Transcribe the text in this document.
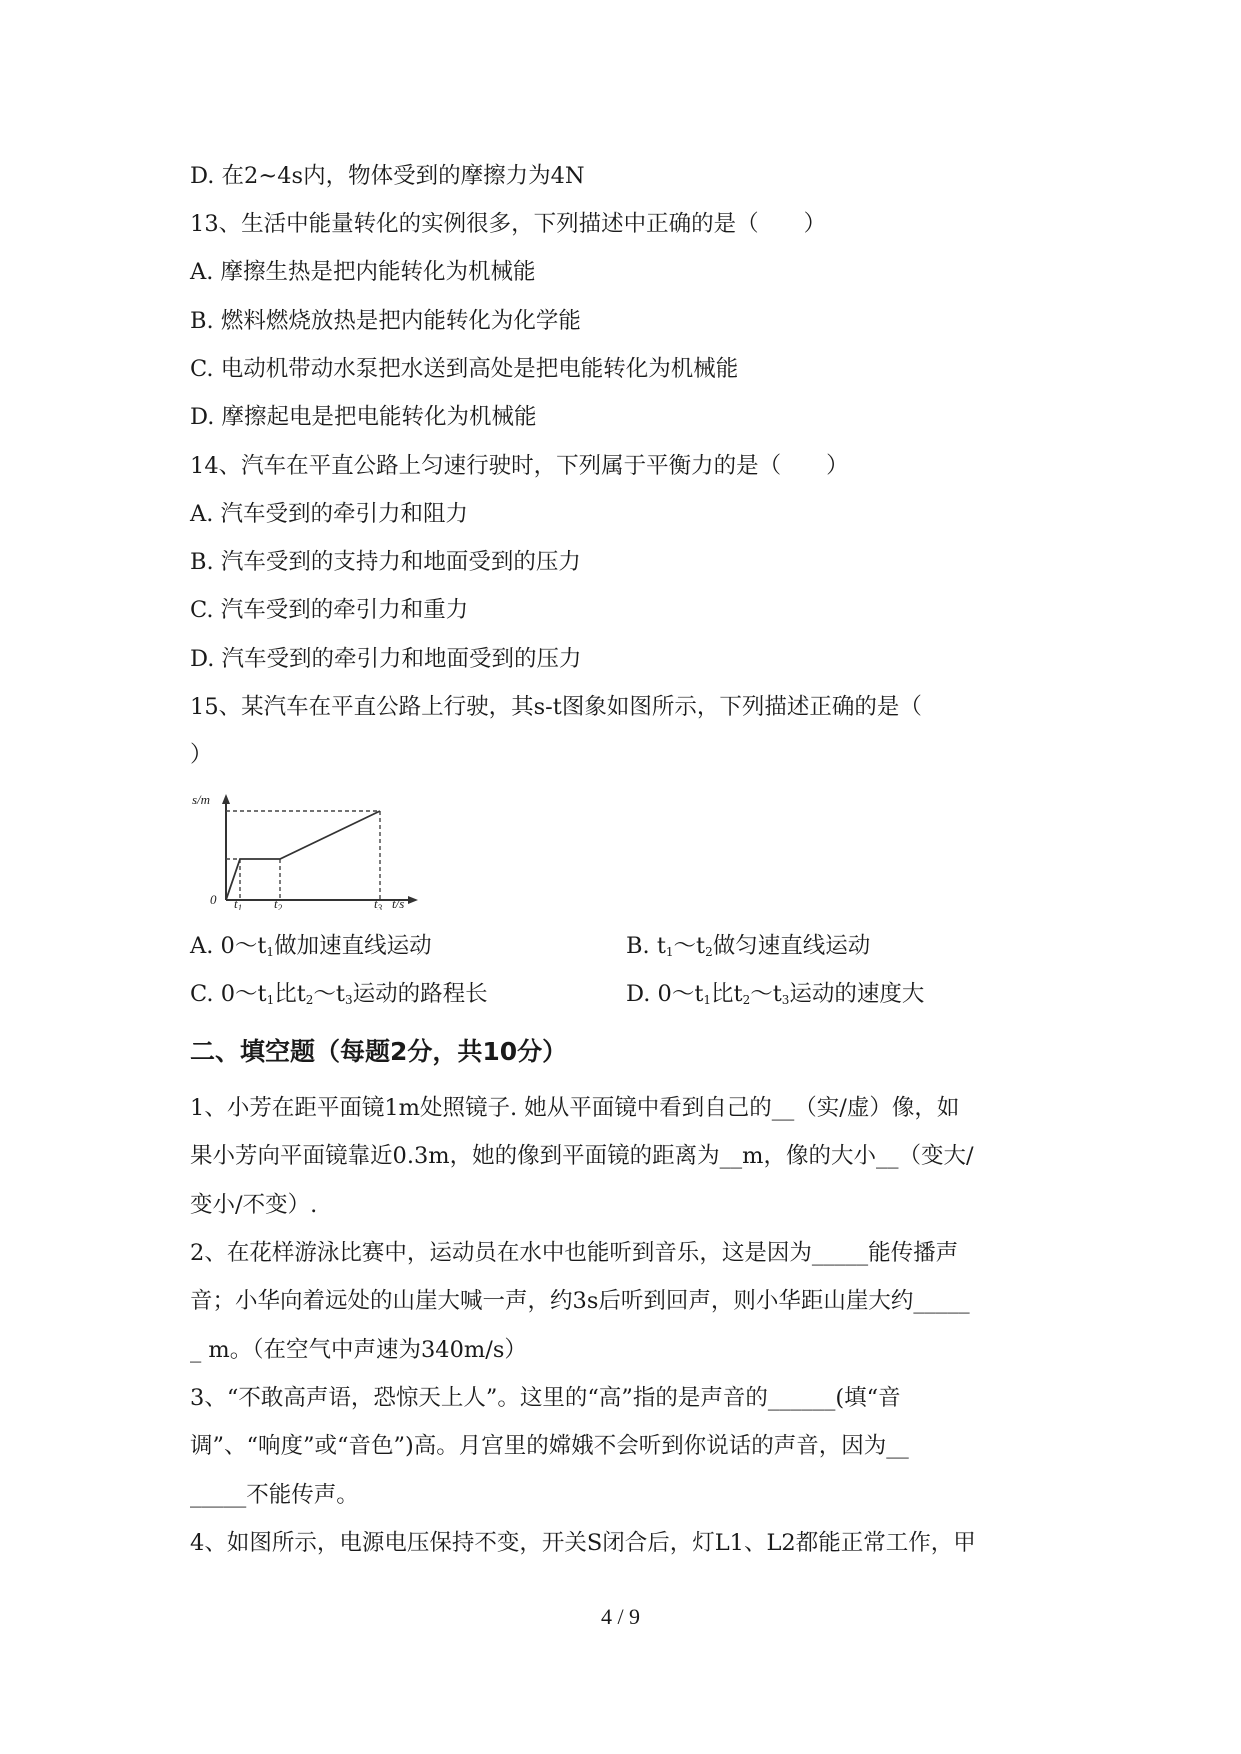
D. 在2~4s内，物体受到的摩擦力为4N
13、生活中能量转化的实例很多，下列描述中正确的是（　　）
A. 摩擦生热是把内能转化为机械能
B. 燃料燃烧放热是把内能转化为化学能
C. 电动机带动水泵把水送到高处是把电能转化为机械能
D. 摩擦起电是把电能转化为机械能
14、汽车在平直公路上匀速行驶时，下列属于平衡力的是（　　）
A. 汽车受到的牵引力和阻力
B. 汽车受到的支持力和地面受到的压力
C. 汽车受到的牵引力和重力
D. 汽车受到的牵引力和地面受到的压力
15、某汽车在平直公路上行驶，其s-t图象如图所示，下列描述正确的是（
）
s/m
0 $t_1$ $t_2$	$t_3$ t/s
A. $0\sim t_1$做加速直线运动	B. $t_1\sim t_2$做匀速直线运动
C. $0\sim t_1$比$t_2\sim t_3$运动的路程长	D. $0\sim t_1$比$t_2\sim t_3$运动的速度大
二、填空题（每题2分，共10分）
1、小芳在距平面镜1m处照镜子. 她从平面镜中看到自己的__（实/虚）像，如
果小芳向平面镜靠近0.3m，她的像到平面镜的距离为__m，像的大小__（变大/
变小/不变）.
2、在花样游泳比赛中，运动员在水中也能听到音乐，这是因为_____能传播声
音；小华向着远处的山崖大喊一声，约3s后听到回声，则小华距山崖大约_____
_ m。（在空气中声速为340m/s）
3、“不敢高声语，恐惊天上人”。这里的“高”指的是声音的______(填“音
调”、“响度”或“音色”)高。月宫里的嫦娥不会听到你说话的声音，因为__
_____不能传声。
4、如图所示，电源电压保持不变，开关S闭合后，灯L1、L2都能正常工作，甲
4 / 9
